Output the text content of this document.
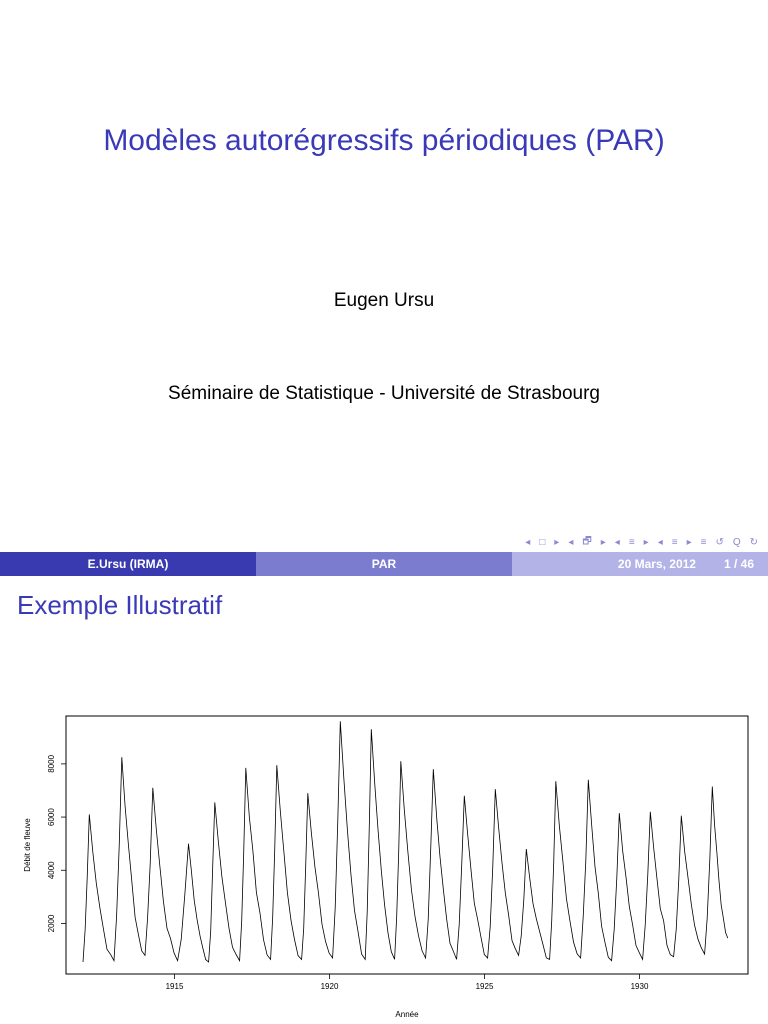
Modèles autorégressifs périodiques (PAR)
Eugen Ursu
Séminaire de Statistique - Université de Strasbourg
◂ □ ▸ ◂ 🗗 ▸ ◂ ≡ ▸ ◂ ≡ ▸ ≡ ↺ Q ↻
E.Ursu (IRMA)	PAR	20 Mars, 2012 1 / 46
Exemple Illustratif
1915	1920	1925	1930
2000
4000
6000
8000
Année
Débit de fleuve
